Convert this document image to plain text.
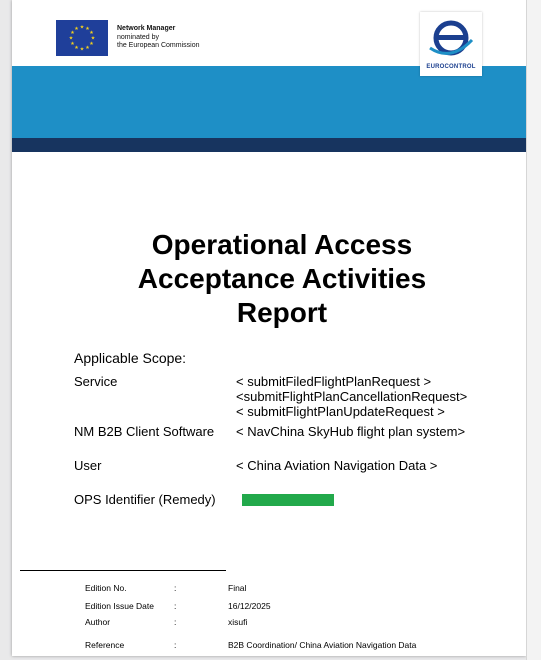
★ ★
★
★
★
★
★
★
★
★
★
★	Network Manager
nominated by
the European Commission
EUROCONTROL
Operational Access
Acceptance Activities
Report
Applicable Scope:
Service	< submitFiledFlightPlanRequest >
<submitFlightPlanCancellationRequest>
< submitFlightPlanUpdateRequest >
NM B2B Client Software < NavChina SkyHub flight plan system>
User	< China Aviation Navigation Data >
OPS Identifier (Remedy)
Edition No.	:	Final
Edition Issue Date :	16/12/2025
Author	:	xisufi
Reference	:	B2B Coordination/ China Aviation Navigation Data
